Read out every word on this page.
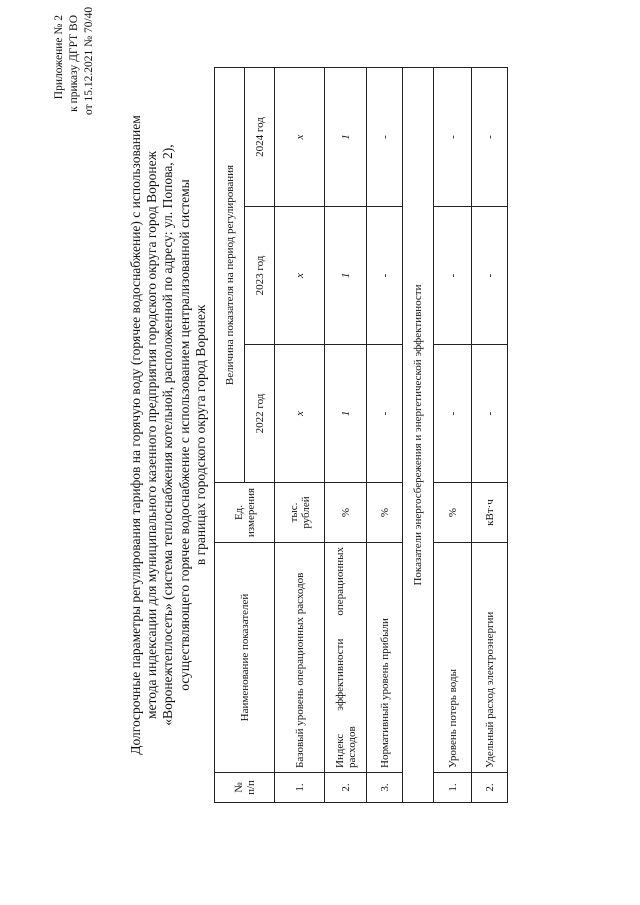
Приложение № 2 к приказу ДГРТ ВО от 15.12.2021 № 70/40
Долгосрочные параметры регулирования тарифов на горячую воду (горячее водоснабжение) с использованием метода индексации для муниципального казенного предприятия городского округа город Воронеж «Воронежтеплосеть» (система теплоснабжения котельной, расположенной по адресу: ул. Попова, 2), осуществляющего горячее водоснабжение с использованием централизованной системы в границах городского округа город Воронеж
№ п/п	Наименование показателей	Ед. измерения	Величина показателя на период регулирования		
			2022 год	2023 год	2024 год
1.	Базовый уровень операционных расходов	тыс. рублей	x	x	x
2.	Индекс эффективности операционных расходов	%	1	1	1
3.	Нормативный уровень прибыли	%	-	-	-
Показатели энергосбережения и энергетической эффективности					
1.	Уровень потерь воды	%	-	-	-
2.	Удельный расход электроэнергии	кВт·ч	-	-	-
